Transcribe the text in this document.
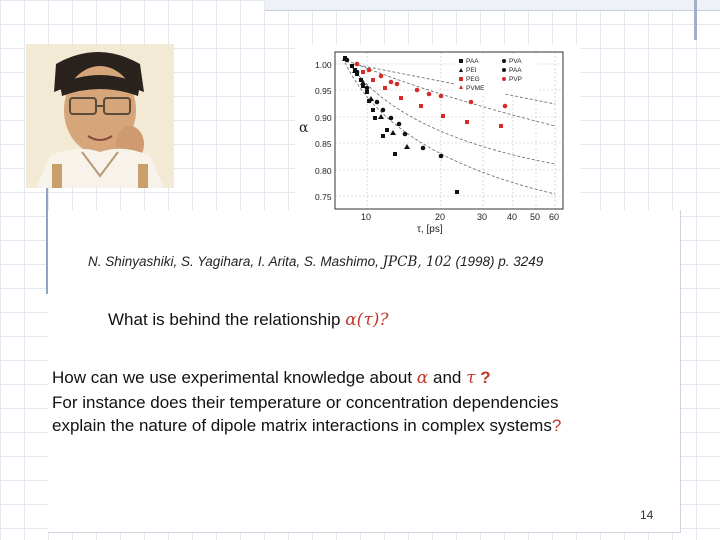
α
1.00
0.95
0.90
0.85
0.80
0.75
10	20	30 40 50 60
τ, [ps]
PAA	PVA
PEI	PAA
PEG	PVP
PVME
N. Shinyashiki, S. Yagihara, I. Arita, S. Mashimo, JPCB, 102 (1998) p. 3249
What is behind the relationship α(τ)?
How can we use experimental knowledge about α and τ ?
For instance does their temperature or concentration dependencies
explain the nature of dipole matrix interactions in complex systems?
14
